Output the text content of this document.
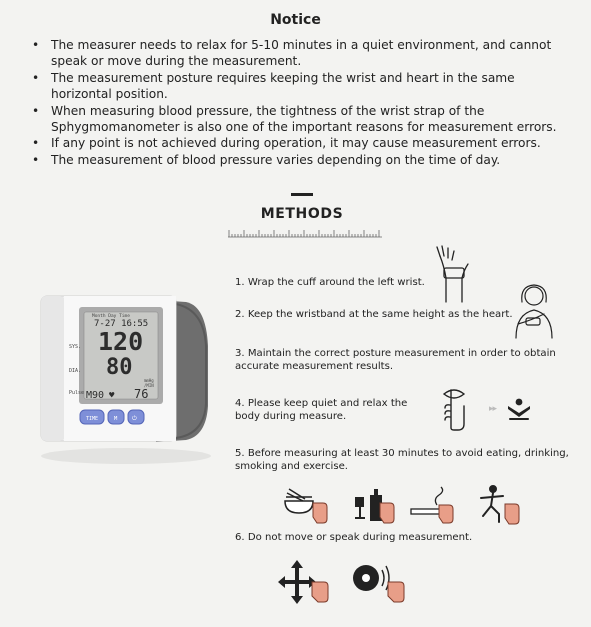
Notice
• The measurer needs to relax for 5-10 minutes in a quiet environment, and cannot speak or move during the measurement.
• The measurement posture requires keeping the wrist and heart in the same horizontal position.
• When measuring blood pressure, the tightness of the wrist strap of the Sphygmomanometer is also one of the important reasons for measurement errors.
• If any point is not achieved during operation, it may cause measurement errors.
• The measurement of blood pressure varies depending on the time of day.
METHODS
Month Day Time
7-27 16:55
120
80
mmHg
M90 ♥ 76
/MIN
SYS.
DIA.
Pulse
TIME	M ⏻
1. Wrap the cuff around the left wrist.
2. Keep the wristband at the same height as the heart.
3. Maintain the correct posture measurement in order to obtain accurate measurement results.
4. Please keep quiet and relax the body during measure.
5. Before measuring at least 30 minutes to avoid eating, drinking, smoking and exercise.
6. Do not move or speak during measurement.
▸▸
